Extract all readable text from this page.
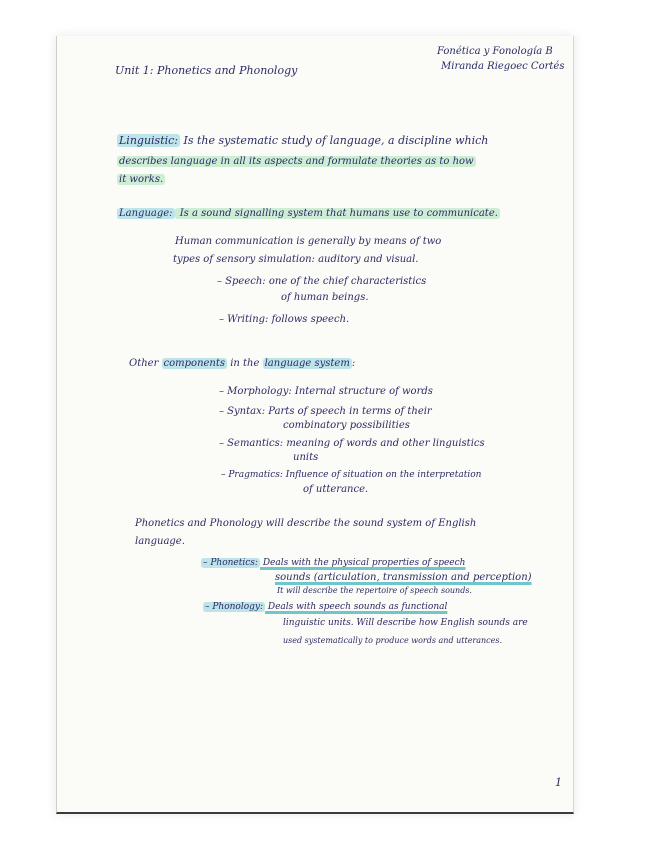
Unit 1: Phonetics and Phonology
Fonética y Fonología B
Miranda Riegoec Cortés
Linguistic: Is the systematic study of language, a discipline which
describes language in all its aspects and formulate theories as to how
it works.
Language: Is a sound signalling system that humans use to communicate.
Human communication is generally by means of two
types of sensory simulation: auditory and visual.
– Speech: one of the chief characteristics
of human beings.
– Writing: follows speech.
Other components in the language system :
– Morphology: Internal structure of words
– Syntax: Parts of speech in terms of their
combinatory possibilities
– Semantics: meaning of words and other linguistics
units
– Pragmatics: Influence of situation on the interpretation
of utterance.
Phonetics and Phonology will describe the sound system of English
language.
– Phonetics: Deals with the physical properties of speech
sounds (articulation, transmission and perception)
It will describe the repertoire of speech sounds.
– Phonology: Deals with speech sounds as functional
linguistic units. Will describe how English sounds are
used systematically to produce words and utterances.
1
